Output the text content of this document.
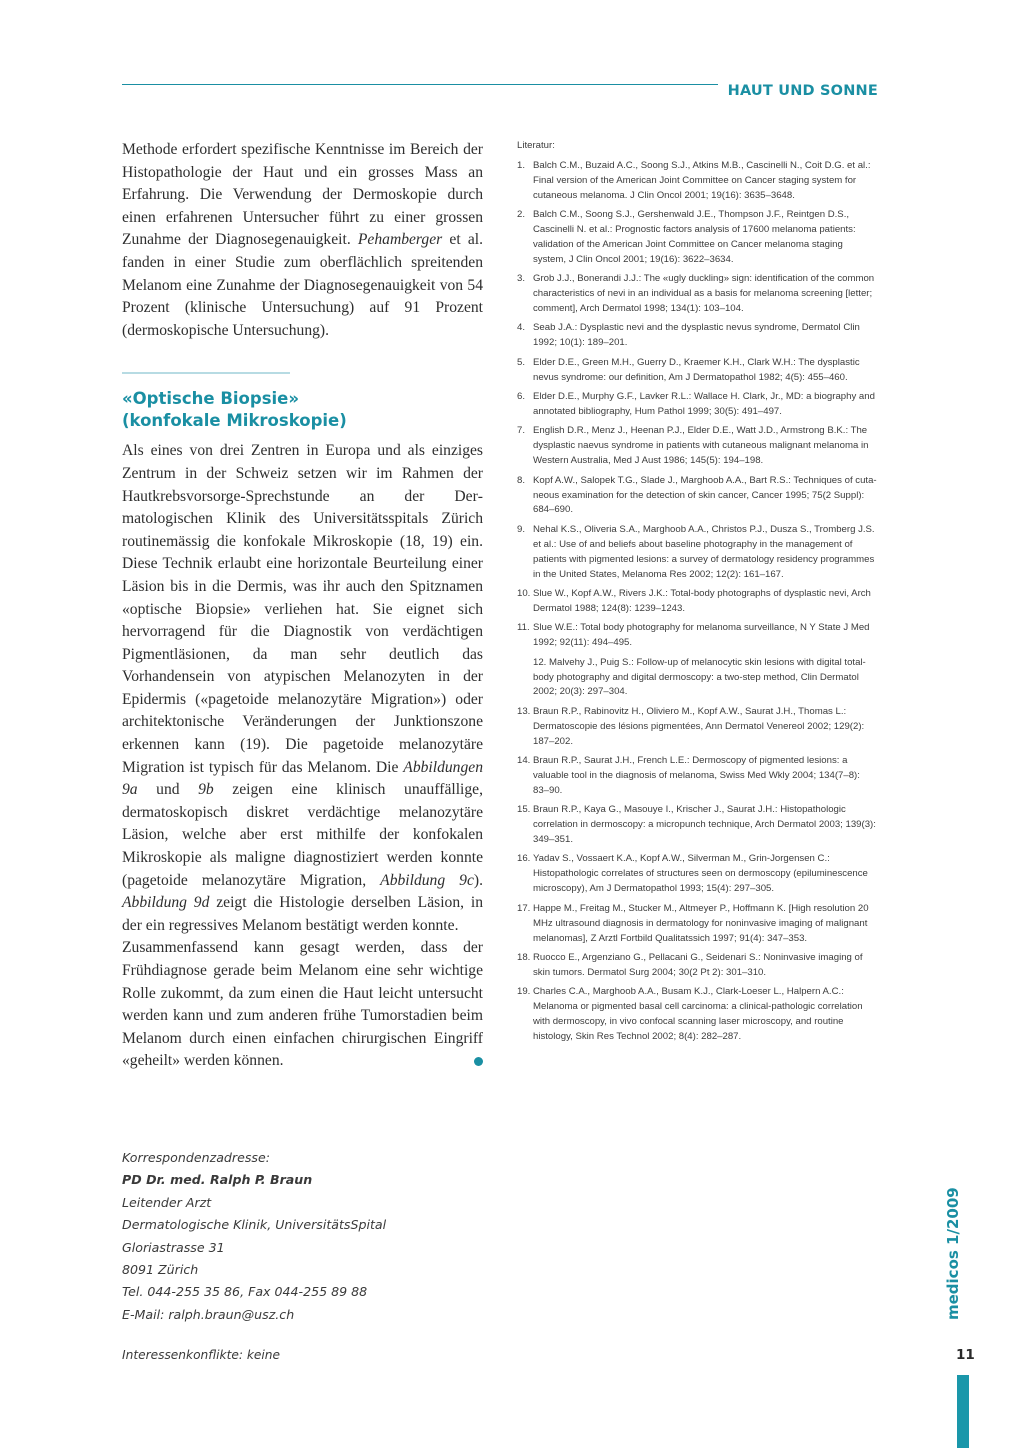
HAUT UND SONNE

Methode erfordert spezifische Kenntnisse im Bereich der Histopathologie der Haut und ein grosses Mass an Erfahrung. Die Verwendung der Dermoskopie durch einen erfahrenen Untersucher führt zu einer grossen Zunahme der Diagnosegenauigkeit. Pehamberger et al. fanden in einer Studie zum oberflächlich spreitenden Melanom eine Zunahme der Diagnosegenauigkeit von 54 Prozent (klinische Untersuchung) auf 91 Prozent (dermoskopische Untersuchung).

«Optische Biopsie»
(konfokale Mikroskopie)

Als eines von drei Zentren in Europa und als einziges Zentrum in der Schweiz setzen wir im Rahmen der Hautkrebsvorsorge-Sprechstunde an der Dermatologischen Klinik des Universitätsspitals Zürich routinemässig die konfokale Mikroskopie (18, 19) ein. Diese Technik erlaubt eine horizontale Beurteilung einer Läsion bis in die Dermis, was ihr auch den Spitznamen «optische Biopsie» verliehen hat. Sie eignet sich hervorragend für die Diagnostik von verdächtigen Pigmentläsionen, da man sehr deutlich das Vorhandensein von atypischen Melanozyten in der Epidermis («pagetoide melanozytäre Migration») oder architektonische Veränderungen der Junktionszone erkennen kann (19). Die pagetoide melanozytäre Migration ist typisch für das Melanom. Die Abbildungen 9a und 9b zeigen eine klinisch unauffällige, dermatoskopisch diskret verdächtige melanozytäre Läsion, welche aber erst mithilfe der konfokalen Mikroskopie als maligne diagnostiziert werden konnte (pagetoide melanozytäre Migration, Abbildung 9c). Abbildung 9d zeigt die Histologie derselben Läsion, in der ein regressives Melanom bestätigt werden konnte.

Zusammenfassend kann gesagt werden, dass der Frühdiagnose gerade beim Melanom eine sehr wichtige Rolle zukommt, da zum einen die Haut leicht untersucht werden kann und zum anderen frühe Tumorstadien beim Melanom durch einen einfachen chirurgischen Eingriff «geheilt» werden können.

Korrespondenzadresse:
PD Dr. med. Ralph P. Braun
Leitender Arzt
Dermatologische Klinik, UniversitätsSpital
Gloriastrasse 31
8091 Zürich
Tel. 044-255 35 86, Fax 044-255 89 88
E-Mail: ralph.braun@usz.ch
Interessenkonflikte: keine
Literatur:
1. Balch C.M., Buzaid A.C., Soong S.J., Atkins M.B., Cascinelli N., Coit D.G. et al.: Final version of the American Joint Committee on Cancer staging system for cutaneous melanoma. J Clin Oncol 2001; 19(16): 3635–3648.
2. Balch C.M., Soong S.J., Gershenwald J.E., Thompson J.F., Reintgen D.S., Cascinelli N. et al.: Prognostic factors analysis of 17600 melanoma patients: validation of the American Joint Committee on Cancer melanoma staging system, J Clin Oncol 2001; 19(16): 3622–3634.
3. Grob J.J., Bonerandi J.J.: The «ugly duckling» sign: identification of the common characteristics of nevi in an individual as a basis for melanoma screening [letter; comment], Arch Dermatol 1998; 134(1): 103–104.
4. Seab J.A.: Dysplastic nevi and the dysplastic nevus syndrome, Dermatol Clin 1992; 10(1): 189–201.
5. Elder D.E., Green M.H., Guerry D., Kraemer K.H., Clark W.H.: The dysplastic nevus syndrome: our definition, Am J Dermatopathol 1982; 4(5): 455–460.
6. Elder D.E., Murphy G.F., Lavker R.L.: Wallace H. Clark, Jr., MD: a biography and annotated bibliography, Hum Pathol 1999; 30(5): 491–497.
7. English D.R., Menz J., Heenan P.J., Elder D.E., Watt J.D., Armstrong B.K.: The dysplastic naevus syndrome in patients with cutaneous malignant melanoma in Western Australia, Med J Aust 1986; 145(5): 194–198.
8. Kopf A.W., Salopek T.G., Slade J., Marghoob A.A., Bart R.S.: Techniques of cutaneous examination for the detection of skin cancer, Cancer 1995; 75(2 Suppl): 684–690.
9. Nehal K.S., Oliveria S.A., Marghoob A.A., Christos P.J., Dusza S., Tromberg J.S. et al.: Use of and beliefs about baseline photography in the management of patients with pigmented lesions: a survey of dermatology residency programmes in the United States, Melanoma Res 2002; 12(2): 161–167.
10. Slue W., Kopf A.W., Rivers J.K.: Total-body photographs of dysplastic nevi, Arch Dermatol 1988; 124(8): 1239–1243.
11. Slue W.E.: Total body photography for melanoma surveillance, N Y State J Med 1992; 92(11): 494–495.
12. Malvehy J., Puig S.: Follow-up of melanocytic skin lesions with digital total-body photography and digital dermoscopy: a two-step method, Clin Dermatol 2002; 20(3): 297–304.
13. Braun R.P., Rabinovitz H., Oliviero M., Kopf A.W., Saurat J.H., Thomas L.: Dermatoscopie des lésions pigmentées, Ann Dermatol Venereol 2002; 129(2): 187–202.
14. Braun R.P., Saurat J.H., French L.E.: Dermoscopy of pigmented lesions: a valuable tool in the diagnosis of melanoma, Swiss Med Wkly 2004; 134(7–8): 83–90.
15. Braun R.P., Kaya G., Masouye I., Krischer J., Saurat J.H.: Histopathologic correlation in dermoscopy: a micropunch technique, Arch Dermatol 2003; 139(3): 349–351.
16. Yadav S., Vossaert K.A., Kopf A.W., Silverman M., Grin-Jorgensen C.: Histopathologic correlates of structures seen on dermoscopy (epiluminescence microscopy), Am J Dermatopathol 1993; 15(4): 297–305.
17. Happe M., Freitag M., Stucker M., Altmeyer P., Hoffmann K. [High resolution 20 MHz ultrasound diagnosis in dermatology for noninvasive imaging of malignant melanomas], Z Arztl Fortbild Qualitatssich 1997; 91(4): 347–353.
18. Ruocco E., Argenziano G., Pellacani G., Seidenari S.: Noninvasive imaging of skin tumors. Dermatol Surg 2004; 30(2 Pt 2): 301–310.
19. Charles C.A., Marghoob A.A., Busam K.J., Clark-Loeser L., Halpern A.C.: Melanoma or pigmented basal cell carcinoma: a clinical-pathologic correlation with dermoscopy, in vivo confocal scanning laser microscopy, and routine histology, Skin Res Technol 2002; 8(4): 282–287.
medicos 1/2009
11
